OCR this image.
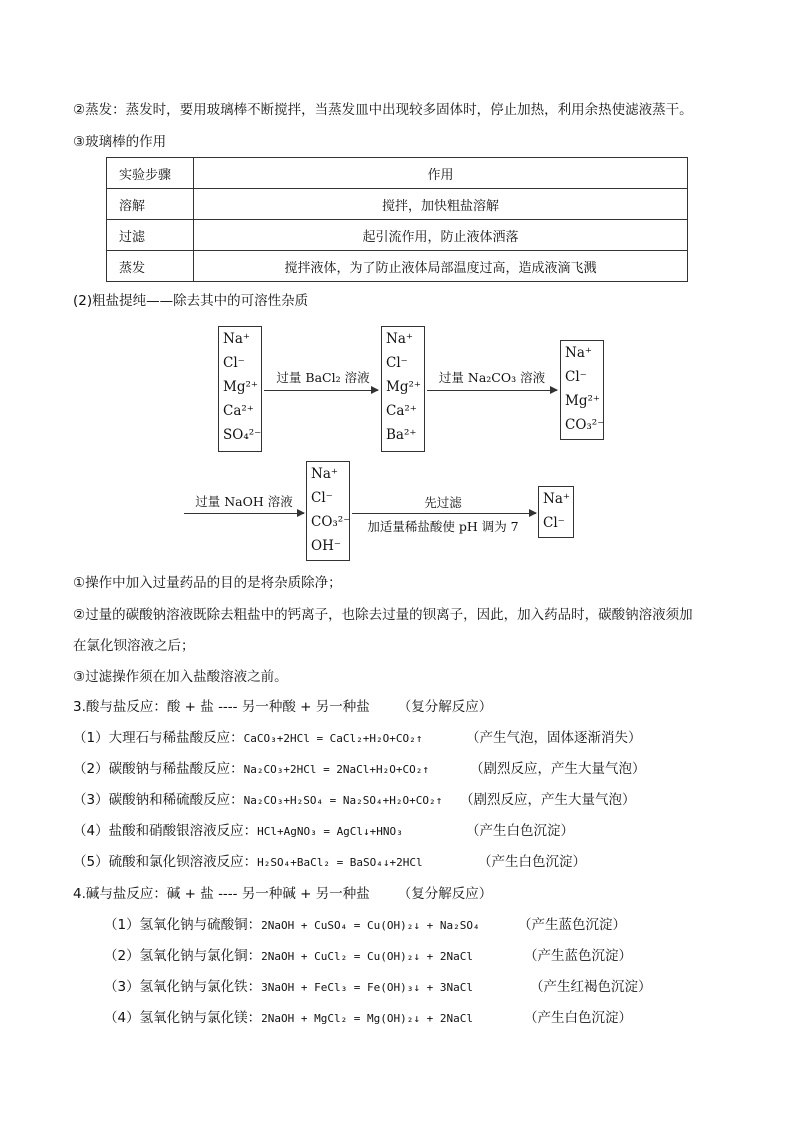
②蒸发：蒸发时，要用玻璃棒不断搅拌，当蒸发皿中出现较多固体时，停止加热，利用余热使滤液蒸干。
③玻璃棒的作用
实验步骤	作用
溶解	搅拌，加快粗盐溶解
过滤	起引流作用，防止液体洒落
蒸发	搅拌液体，为了防止液体局部温度过高，造成液滴飞溅
(2)粗盐提纯——除去其中的可溶性杂质
Na⁺
Cl⁻
Mg²⁺
Ca²⁺
SO₄²⁻
过量 BaCl₂ 溶液
Na⁺
Cl⁻
Mg²⁺
Ca²⁺
Ba²⁺
过量 Na₂CO₃ 溶液
Na⁺
Cl⁻
Mg²⁺
CO₃²⁻
过量 NaOH 溶液
Na⁺
Cl⁻
CO₃²⁻
OH⁻
先过滤
加适量稀盐酸使 pH 调为 7
Na⁺
Cl⁻
①操作中加入过量药品的目的是将杂质除净；
②过量的碳酸钠溶液既除去粗盐中的钙离子，也除去过量的钡离子，因此，加入药品时，碳酸钠溶液须加
在氯化钡溶液之后；
③过滤操作须在加入盐酸溶液之前。
3.酸与盐反应：酸 + 盐 ---- 另一种酸 + 另一种盐 （复分解反应）
（1）大理石与稀盐酸反应：CaCO₃+2HCl = CaCl₂+H₂O+CO₂↑	（产生气泡，固体逐渐消失）
（2）碳酸钠与稀盐酸反应：Na₂CO₃+2HCl = 2NaCl+H₂O+CO₂↑	（剧烈反应，产生大量气泡）
（3）碳酸钠和稀硫酸反应：Na₂CO₃+H₂SO₄ = Na₂SO₄+H₂O+CO₂↑ （剧烈反应，产生大量气泡）
（4）盐酸和硝酸银溶液反应：HCl+AgNO₃ = AgCl↓+HNO₃	（产生白色沉淀）
（5）硫酸和氯化钡溶液反应：H₂SO₄+BaCl₂ = BaSO₄↓+2HCl	（产生白色沉淀）
4.碱与盐反应：碱 + 盐 ---- 另一种碱 + 另一种盐 （复分解反应）
（1）氢氧化钠与硫酸铜：2NaOH + CuSO₄ = Cu(OH)₂↓ + Na₂SO₄	（产生蓝色沉淀）
（2）氢氧化钠与氯化铜：2NaOH + CuCl₂ = Cu(OH)₂↓ + 2NaCl	（产生蓝色沉淀）
（3）氢氧化钠与氯化铁：3NaOH + FeCl₃ = Fe(OH)₃↓ + 3NaCl	（产生红褐色沉淀）
（4）氢氧化钠与氯化镁：2NaOH + MgCl₂ = Mg(OH)₂↓ + 2NaCl	（产生白色沉淀）
